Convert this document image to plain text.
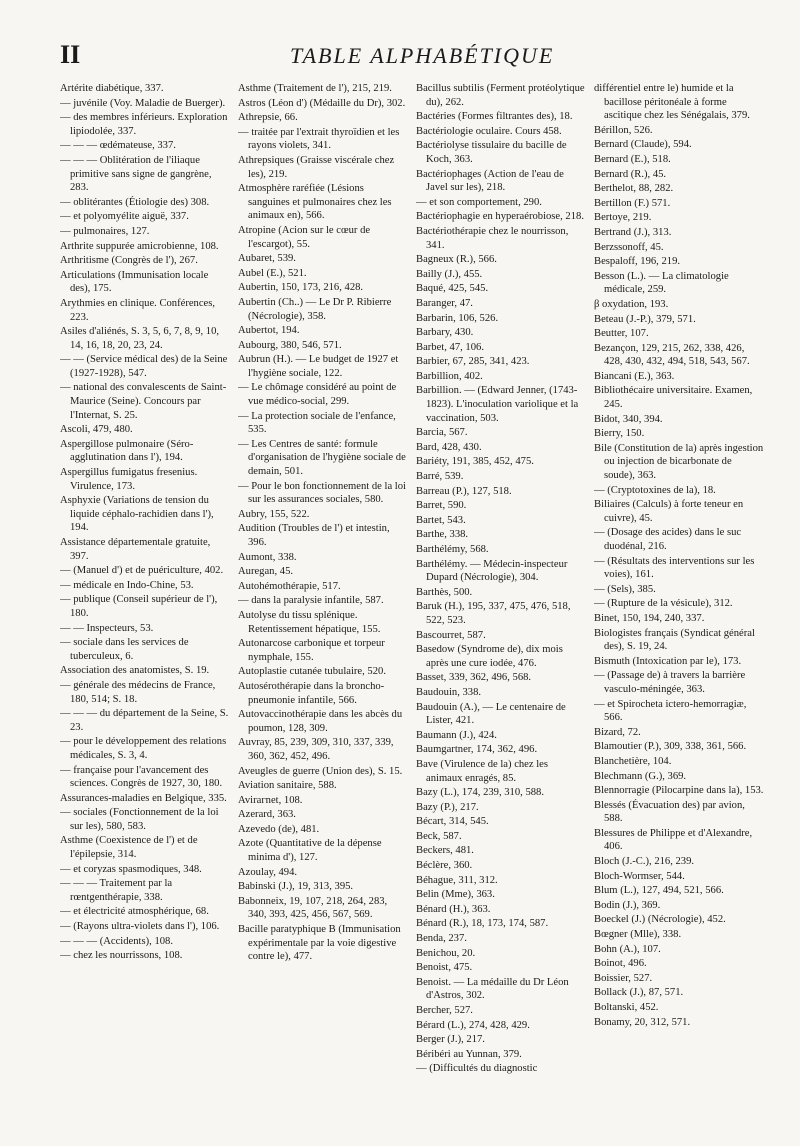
II	TABLE ALPHABÉTIQUE
Artérite diabétique, 337.
— juvénile (Voy. Maladie de Buerger).
— des membres inférieurs. Exploration lipiodolée, 337.
— — — œdémateuse, 337.
— — — Oblitération de l'iliaque primitive sans signe de gangrène, 283.
— oblitérantes (Étiologie des) 308.
— et polyomyélite aiguë, 337.
— pulmonaires, 127.
Arthrite suppurée amicrobienne, 108.
Arthritisme (Congrès de l'), 267.
Articulations (Immunisation locale des), 175.
Arythmies en clinique. Conférences, 223.
Asiles d'aliénés, S. 3, 5, 6, 7, 8, 9, 10, 14, 16, 18, 20, 23, 24.
— — (Service médical des) de la Seine (1927-1928), 547.
— national des convalescents de Saint-Maurice (Seine). Concours par l'Internat, S. 25.
Ascoli, 479, 480.
Aspergillose pulmonaire (Séro-agglutination dans l'), 194.
Aspergillus fumigatus fresenius. Virulence, 173.
Asphyxie (Variations de tension du liquide céphalo-rachidien dans l'), 194.
Assistance départementale gratuite, 397.
— (Manuel d') et de puériculture, 402.
— médicale en Indo-Chine, 53.
— publique (Conseil supérieur de l'), 180.
— — Inspecteurs, 53.
— sociale dans les services de tuberculeux, 6.
Association des anatomistes, S. 19.
— générale des médecins de France, 180, 514; S. 18.
— — — du département de la Seine, S. 23.
— pour le développement des relations médicales, S. 3, 4.
— française pour l'avancement des sciences. Congrès de 1927, 30, 180.
Assurances-maladies en Belgique, 335.
— sociales (Fonctionnement de la loi sur les), 580, 583.
Asthme (Coexistence de l') et de l'épilepsie, 314.
— et coryzas spasmodiques, 348.
— — — Traitement par la rœntgenthérapie, 338.
— et électricité atmosphérique, 68.
— (Rayons ultra-violets dans l'), 106.
— — — (Accidents), 108.
— chez les nourrissons, 108.
Asthme (Traitement de l'), 215, 219.
Astros (Léon d') (Médaille du Dr), 302.
Athrepsie, 66.
— traitée par l'extrait thyroïdien et les rayons violets, 341.
Athrepsiques (Graisse viscérale chez les), 219.
Atmosphère raréfiée (Lésions sanguines et pulmonaires chez les animaux en), 566.
Atropine (Acion sur le cœur de l'escargot), 55.
Aubaret, 539.
Aubel (E.), 521.
Aubertin, 150, 173, 216, 428.
Aubertin (Ch..) — Le Dr P. Ribierre (Nécrologie), 358.
Aubertot, 194.
Aubourg, 380, 546, 571.
Aubrun (H.). — Le budget de 1927 et l'hygiène sociale, 122.
— Le chômage considéré au point de vue médico-social, 299.
— La protection sociale de l'enfance, 535.
— Les Centres de santé: formule d'organisation de l'hygiène sociale de demain, 501.
— Pour le bon fonctionnement de la loi sur les assurances sociales, 580.
Aubry, 155, 522.
Audition (Troubles de l') et intestin, 396.
Aumont, 338.
Auregan, 45.
Autohémothérapie, 517.
— dans la paralysie infantile, 587.
Autolyse du tissu splénique. Retentissement hépatique, 155.
Autonarcose carbonique et torpeur nymphale, 155.
Autoplastie cutanée tubulaire, 520.
Autosérothérapie dans la broncho-pneumonie infantile, 566.
Autovaccinothérapie dans les abcès du poumon, 128, 309.
Auvray, 85, 239, 309, 310, 337, 339, 360, 362, 452, 496.
Aveugles de guerre (Union des), S. 15.
Aviation sanitaire, 588.
Avirагnet, 108.
Azerard, 363.
Azevedo (de), 481.
Azote (Quantitative de la dépense minima d'), 127.
Azoulay, 494.
Babinski (J.), 19, 313, 395.
Babonneix, 19, 107, 218, 264, 283, 340, 393, 425, 456, 567, 569.
Bacille paratyphique B (Immunisation expérimentale par la voie digestive contre le), 477.
Bacillus subtilis (Ferment protéolytique du), 262.
Bactéries (Formes filtrantes des), 18.
Bactériologie oculaire. Cours 458.
Bactériolyse tissulaire du bacille de Koch, 363.
Bactériophages (Action de l'eau de Javel sur les), 218.
— et son comportement, 290.
Bactériophagie en hyperaérobiose, 218.
Bactériothérapie chez le nourrisson, 341.
Bagneux (R.), 566.
Bailly (J.), 455.
Baqué, 425, 545.
Baranger, 47.
Barbarin, 106, 526.
Barbary, 430.
Barbet, 47, 106.
Barbier, 67, 285, 341, 423.
Barbillion, 402.
Barbillion. — (Edward Jenner, (1743-1823). L'inoculation variolique et la vaccination, 503.
Barcia, 567.
Bard, 428, 430.
Bariéty, 191, 385, 452, 475.
Barré, 539.
Barreau (P.), 127, 518.
Barret, 590.
Bartet, 543.
Barthe, 338.
Barthélémy, 568.
Barthélémy. — Médecin-inspecteur Dupard (Nécrologie), 304.
Barthès, 500.
Baruk (H.), 195, 337, 475, 476, 518, 522, 523.
Bascourret, 587.
Basedow (Syndrome de), dix mois après une cure iodée, 476.
Basset, 339, 362, 496, 568.
Baudouin, 338.
Baudouin (A.), — Le centenaire de Lister, 421.
Baumann (J.), 424.
Baumgartner, 174, 362, 496.
Bave (Virulence de la) chez les animaux enragés, 85.
Bazy (L.), 174, 239, 310, 588.
Bazy (P.), 217.
Bécart, 314, 545.
Beck, 587.
Beckers, 481.
Béclère, 360.
Béhague, 311, 312.
Belin (Mme), 363.
Bénard (H.), 363.
Bénard (R.), 18, 173, 174, 587.
Benda, 237.
Benichou, 20.
Benoist, 475.
Benoist. — La médaille du Dr Léon d'Astros, 302.
Bercher, 527.
Bérard (L.), 274, 428, 429.
Berger (J.), 217.
Béribéri au Yunnan, 379.
— (Difficultés du diagnostic
différentiel entre le) humide et la bacillose péritonéale à forme ascitique chez les Sénégalais, 379.
Bérillon, 526.
Bernard (Claude), 594.
Bernard (E.), 518.
Bernard (R.), 45.
Berthelot, 88, 282.
Bertillon (F.) 571.
Bertoye, 219.
Bertrand (J.), 313.
Berzssonoff, 45.
Bespaloff, 196, 219.
Besson (L.). — La climatologie médicale, 259.
β oxydation, 193.
Beteau (J.-P.), 379, 571.
Beutter, 107.
Bezançon, 129, 215, 262, 338, 426, 428, 430, 432, 494, 518, 543, 567.
Biancani (E.), 363.
Bibliothécaire universitaire. Examen, 245.
Bidot, 340, 394.
Bierry, 150.
Bile (Constitution de la) après ingestion ou injection de bicarbonate de soude), 363.
— (Cryptotoxines de la), 18.
Biliaires (Calculs) à forte teneur en cuivre), 45.
— (Dosage des acides) dans le suc duodénal, 216.
— (Résultats des interventions sur les voies), 161.
— (Sels), 385.
— (Rupture de la vésicule), 312.
Binet, 150, 194, 240, 337.
Biologistes français (Syndicat général des), S. 19, 24.
Bismuth (Intoxication par le), 173.
— (Passage de) à travers la barrière vasculo-méningée, 363.
— et Spirocheta ictero-hemorragiæ, 566.
Bizard, 72.
Blamoutier (P.), 309, 338, 361, 566.
Blanchetière, 104.
Blechmann (G.), 369.
Blennorragie (Pilocarpine dans la), 153.
Blessés (Évacuation des) par avion, 588.
Blessures de Philippe et d'Alexandre, 406.
Bloch (J.-C.), 216, 239.
Bloch-Wormser, 544.
Blum (L.), 127, 494, 521, 566.
Bodin (J.), 369.
Boeckel (J.) (Nécrologie), 452.
Bœgner (Mlle), 338.
Bohn (A.), 107.
Boinot, 496.
Boissier, 527.
Bollack (J.), 87, 571.
Boltanski, 452.
Bonamy, 20, 312, 571.
